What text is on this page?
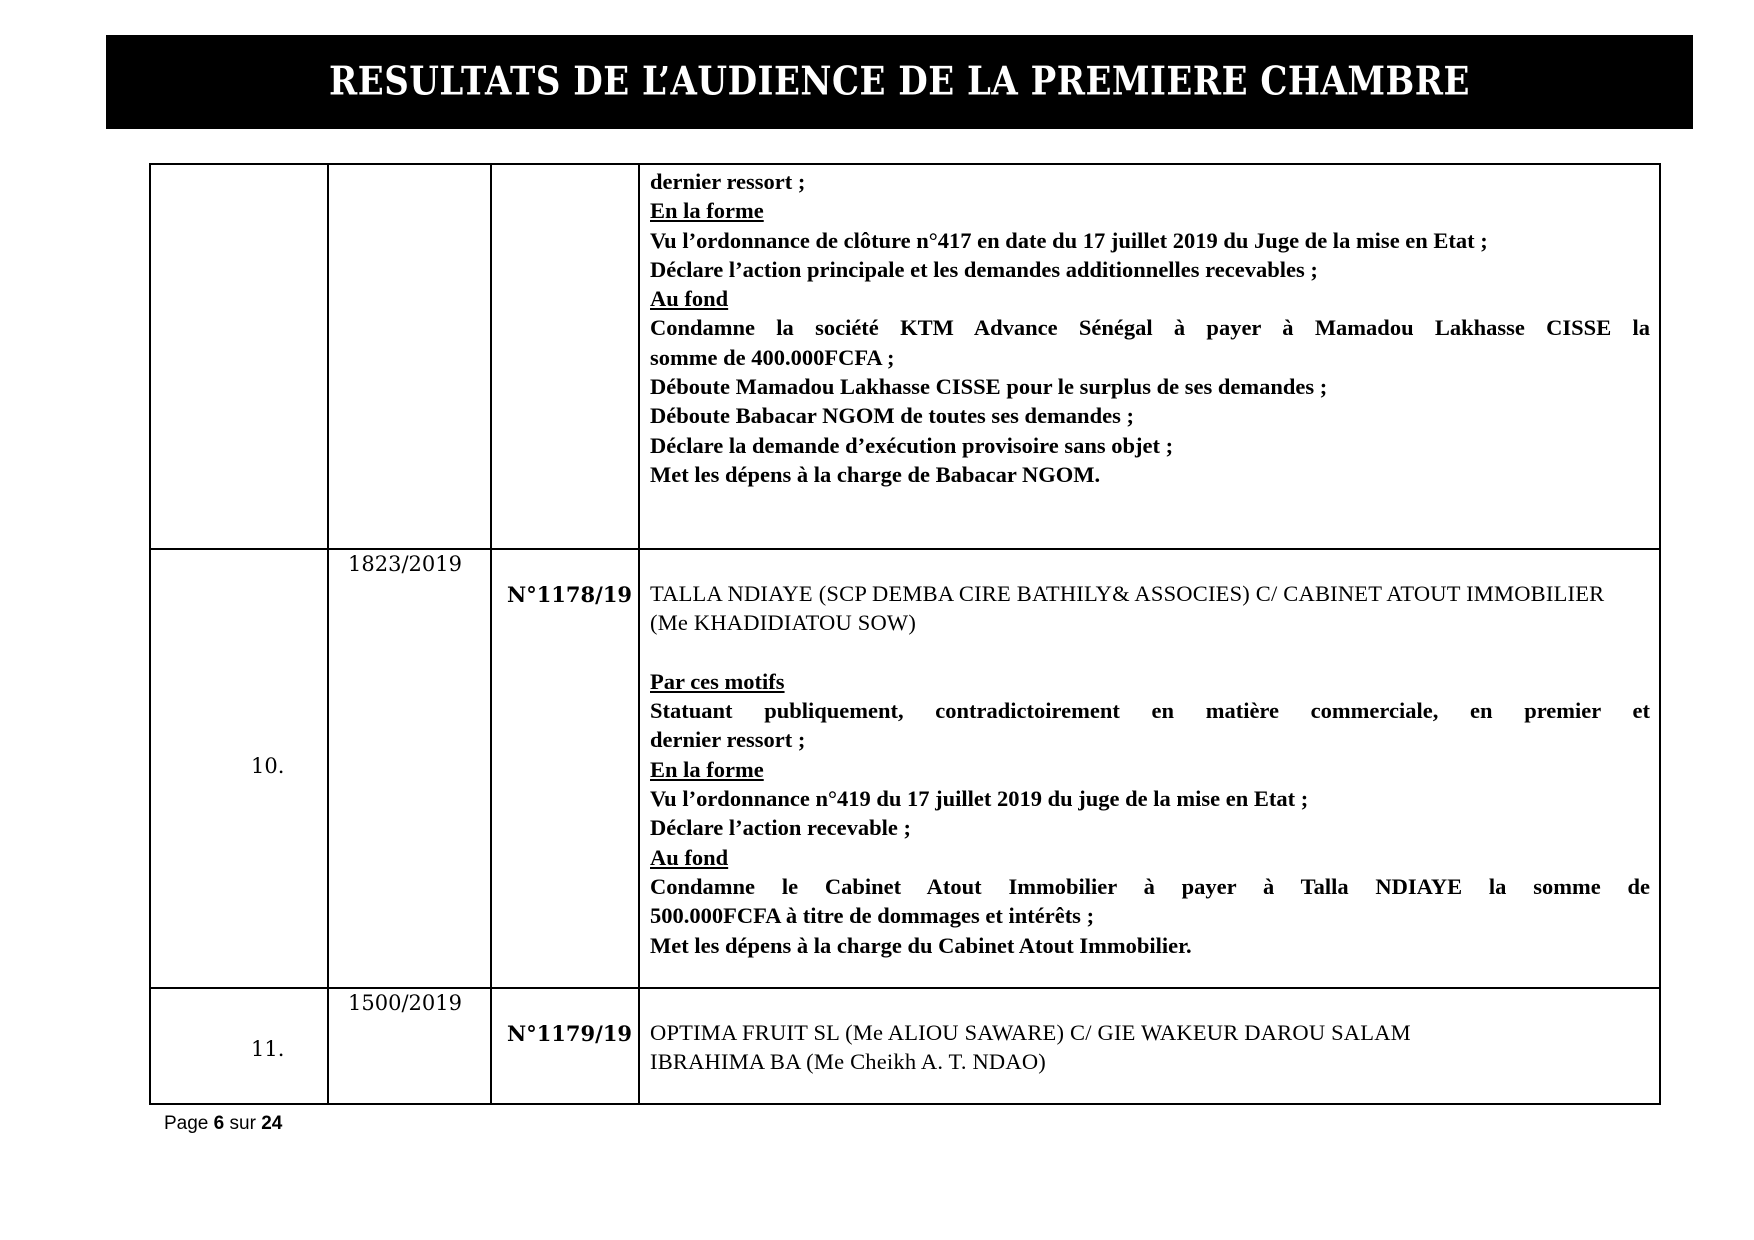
RESULTATS DE L’AUDIENCE DE LA PREMIERE CHAMBRE
dernier ressort ;
En la forme
Vu l’ordonnance de clôture n°417 en date du 17 juillet 2019 du Juge de la mise en Etat ;
Déclare l’action principale et les demandes additionnelles recevables ;
Au fond
Condamne la société KTM Advance Sénégal à payer à Mamadou Lakhasse CISSE la
somme de 400.000FCFA ;
Déboute Mamadou Lakhasse CISSE pour le surplus de ses demandes ;
Déboute Babacar NGOM de toutes ses demandes ;
Déclare la demande d’exécution provisoire sans objet ;
Met les dépens à la charge de Babacar NGOM.
10.
1823/2019
N°1178/19 TALLA NDIAYE (SCP DEMBA CIRE BATHILY& ASSOCIES) C/ CABINET ATOUT IMMOBILIER
(Me KHADIDIATOU SOW)
Par ces motifs
Statuant publiquement, contradictoirement en matière commerciale, en premier et
dernier ressort ;
En la forme
Vu l’ordonnance n°419 du 17 juillet 2019 du juge de la mise en Etat ;
Déclare l’action recevable ;
Au fond
Condamne le Cabinet Atout Immobilier à payer à Talla NDIAYE la somme de
500.000FCFA à titre de dommages et intérêts ;
Met les dépens à la charge du Cabinet Atout Immobilier.
11.
1500/2019
N°1179/19 OPTIMA FRUIT SL (Me ALIOU SAWARE) C/ GIE WAKEUR DAROU SALAM
IBRAHIMA BA (Me Cheikh A. T. NDAO)
Page 6 sur 24
